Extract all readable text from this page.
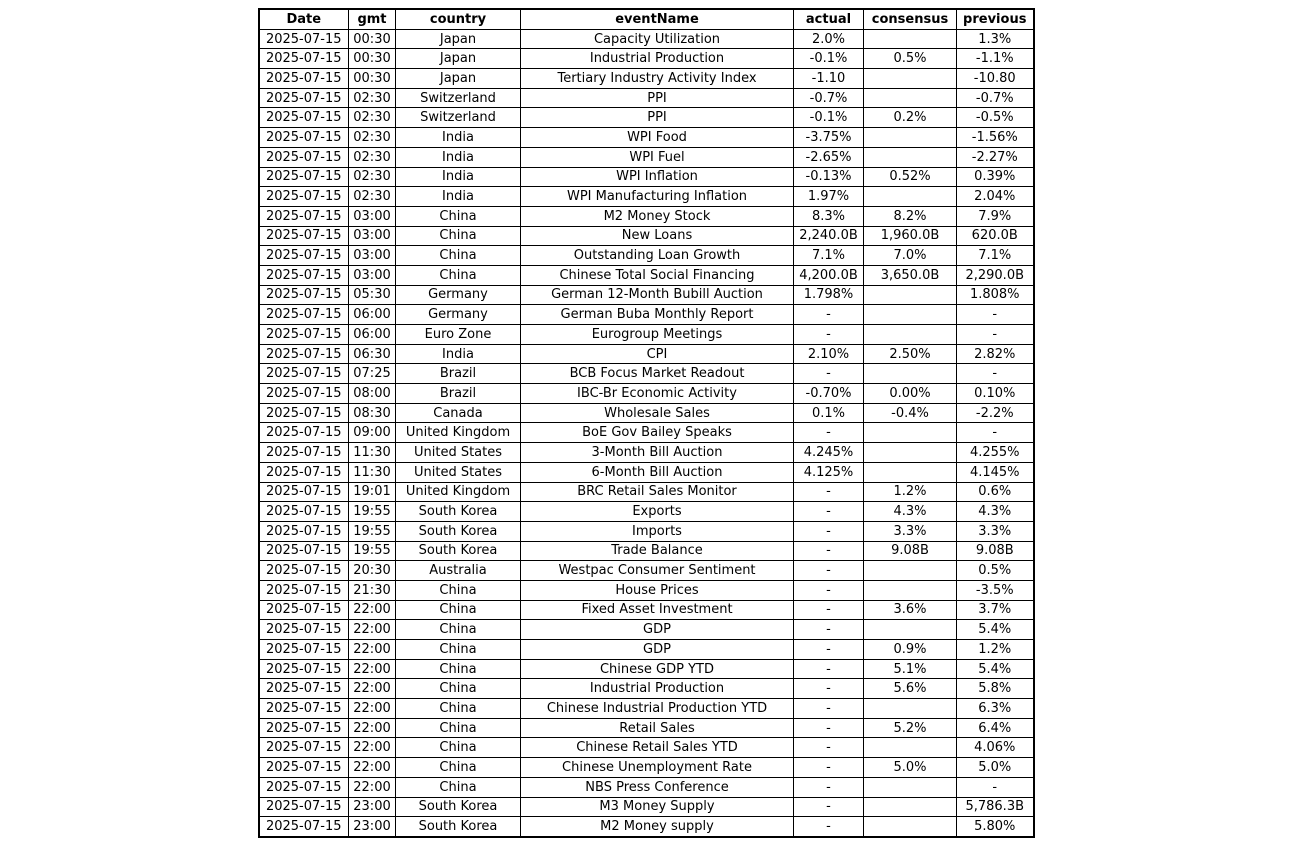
Date	gmt	country	eventName	actual	consensus	previous
2025-07-15	00:30	Japan	Capacity Utilization	2.0%		1.3%
2025-07-15	00:30	Japan	Industrial Production	-0.1%	0.5%	-1.1%
2025-07-15	00:30	Japan	Tertiary Industry Activity Index	-1.10		-10.80
2025-07-15	02:30	Switzerland	PPI	-0.7%		-0.7%
2025-07-15	02:30	Switzerland	PPI	-0.1%	0.2%	-0.5%
2025-07-15	02:30	India	WPI Food	-3.75%		-1.56%
2025-07-15	02:30	India	WPI Fuel	-2.65%		-2.27%
2025-07-15	02:30	India	WPI Inflation	-0.13%	0.52%	0.39%
2025-07-15	02:30	India	WPI Manufacturing Inflation	1.97%		2.04%
2025-07-15	03:00	China	M2 Money Stock	8.3%	8.2%	7.9%
2025-07-15	03:00	China	New Loans	2,240.0B	1,960.0B	620.0B
2025-07-15	03:00	China	Outstanding Loan Growth	7.1%	7.0%	7.1%
2025-07-15	03:00	China	Chinese Total Social Financing	4,200.0B	3,650.0B	2,290.0B
2025-07-15	05:30	Germany	German 12-Month Bubill Auction	1.798%		1.808%
2025-07-15	06:00	Germany	German Buba Monthly Report	-		-
2025-07-15	06:00	Euro Zone	Eurogroup Meetings	-		-
2025-07-15	06:30	India	CPI	2.10%	2.50%	2.82%
2025-07-15	07:25	Brazil	BCB Focus Market Readout	-		-
2025-07-15	08:00	Brazil	IBC-Br Economic Activity	-0.70%	0.00%	0.10%
2025-07-15	08:30	Canada	Wholesale Sales	0.1%	-0.4%	-2.2%
2025-07-15	09:00	United Kingdom	BoE Gov Bailey Speaks	-		-
2025-07-15	11:30	United States	3-Month Bill Auction	4.245%		4.255%
2025-07-15	11:30	United States	6-Month Bill Auction	4.125%		4.145%
2025-07-15	19:01	United Kingdom	BRC Retail Sales Monitor	-	1.2%	0.6%
2025-07-15	19:55	South Korea	Exports	-	4.3%	4.3%
2025-07-15	19:55	South Korea	Imports	-	3.3%	3.3%
2025-07-15	19:55	South Korea	Trade Balance	-	9.08B	9.08B
2025-07-15	20:30	Australia	Westpac Consumer Sentiment	-		0.5%
2025-07-15	21:30	China	House Prices	-		-3.5%
2025-07-15	22:00	China	Fixed Asset Investment	-	3.6%	3.7%
2025-07-15	22:00	China	GDP	-		5.4%
2025-07-15	22:00	China	GDP	-	0.9%	1.2%
2025-07-15	22:00	China	Chinese GDP YTD	-	5.1%	5.4%
2025-07-15	22:00	China	Industrial Production	-	5.6%	5.8%
2025-07-15	22:00	China	Chinese Industrial Production YTD	-		6.3%
2025-07-15	22:00	China	Retail Sales	-	5.2%	6.4%
2025-07-15	22:00	China	Chinese Retail Sales YTD	-		4.06%
2025-07-15	22:00	China	Chinese Unemployment Rate	-	5.0%	5.0%
2025-07-15	22:00	China	NBS Press Conference	-		-
2025-07-15	23:00	South Korea	M3 Money Supply	-		5,786.3B
2025-07-15	23:00	South Korea	M2 Money supply	-		5.80%
